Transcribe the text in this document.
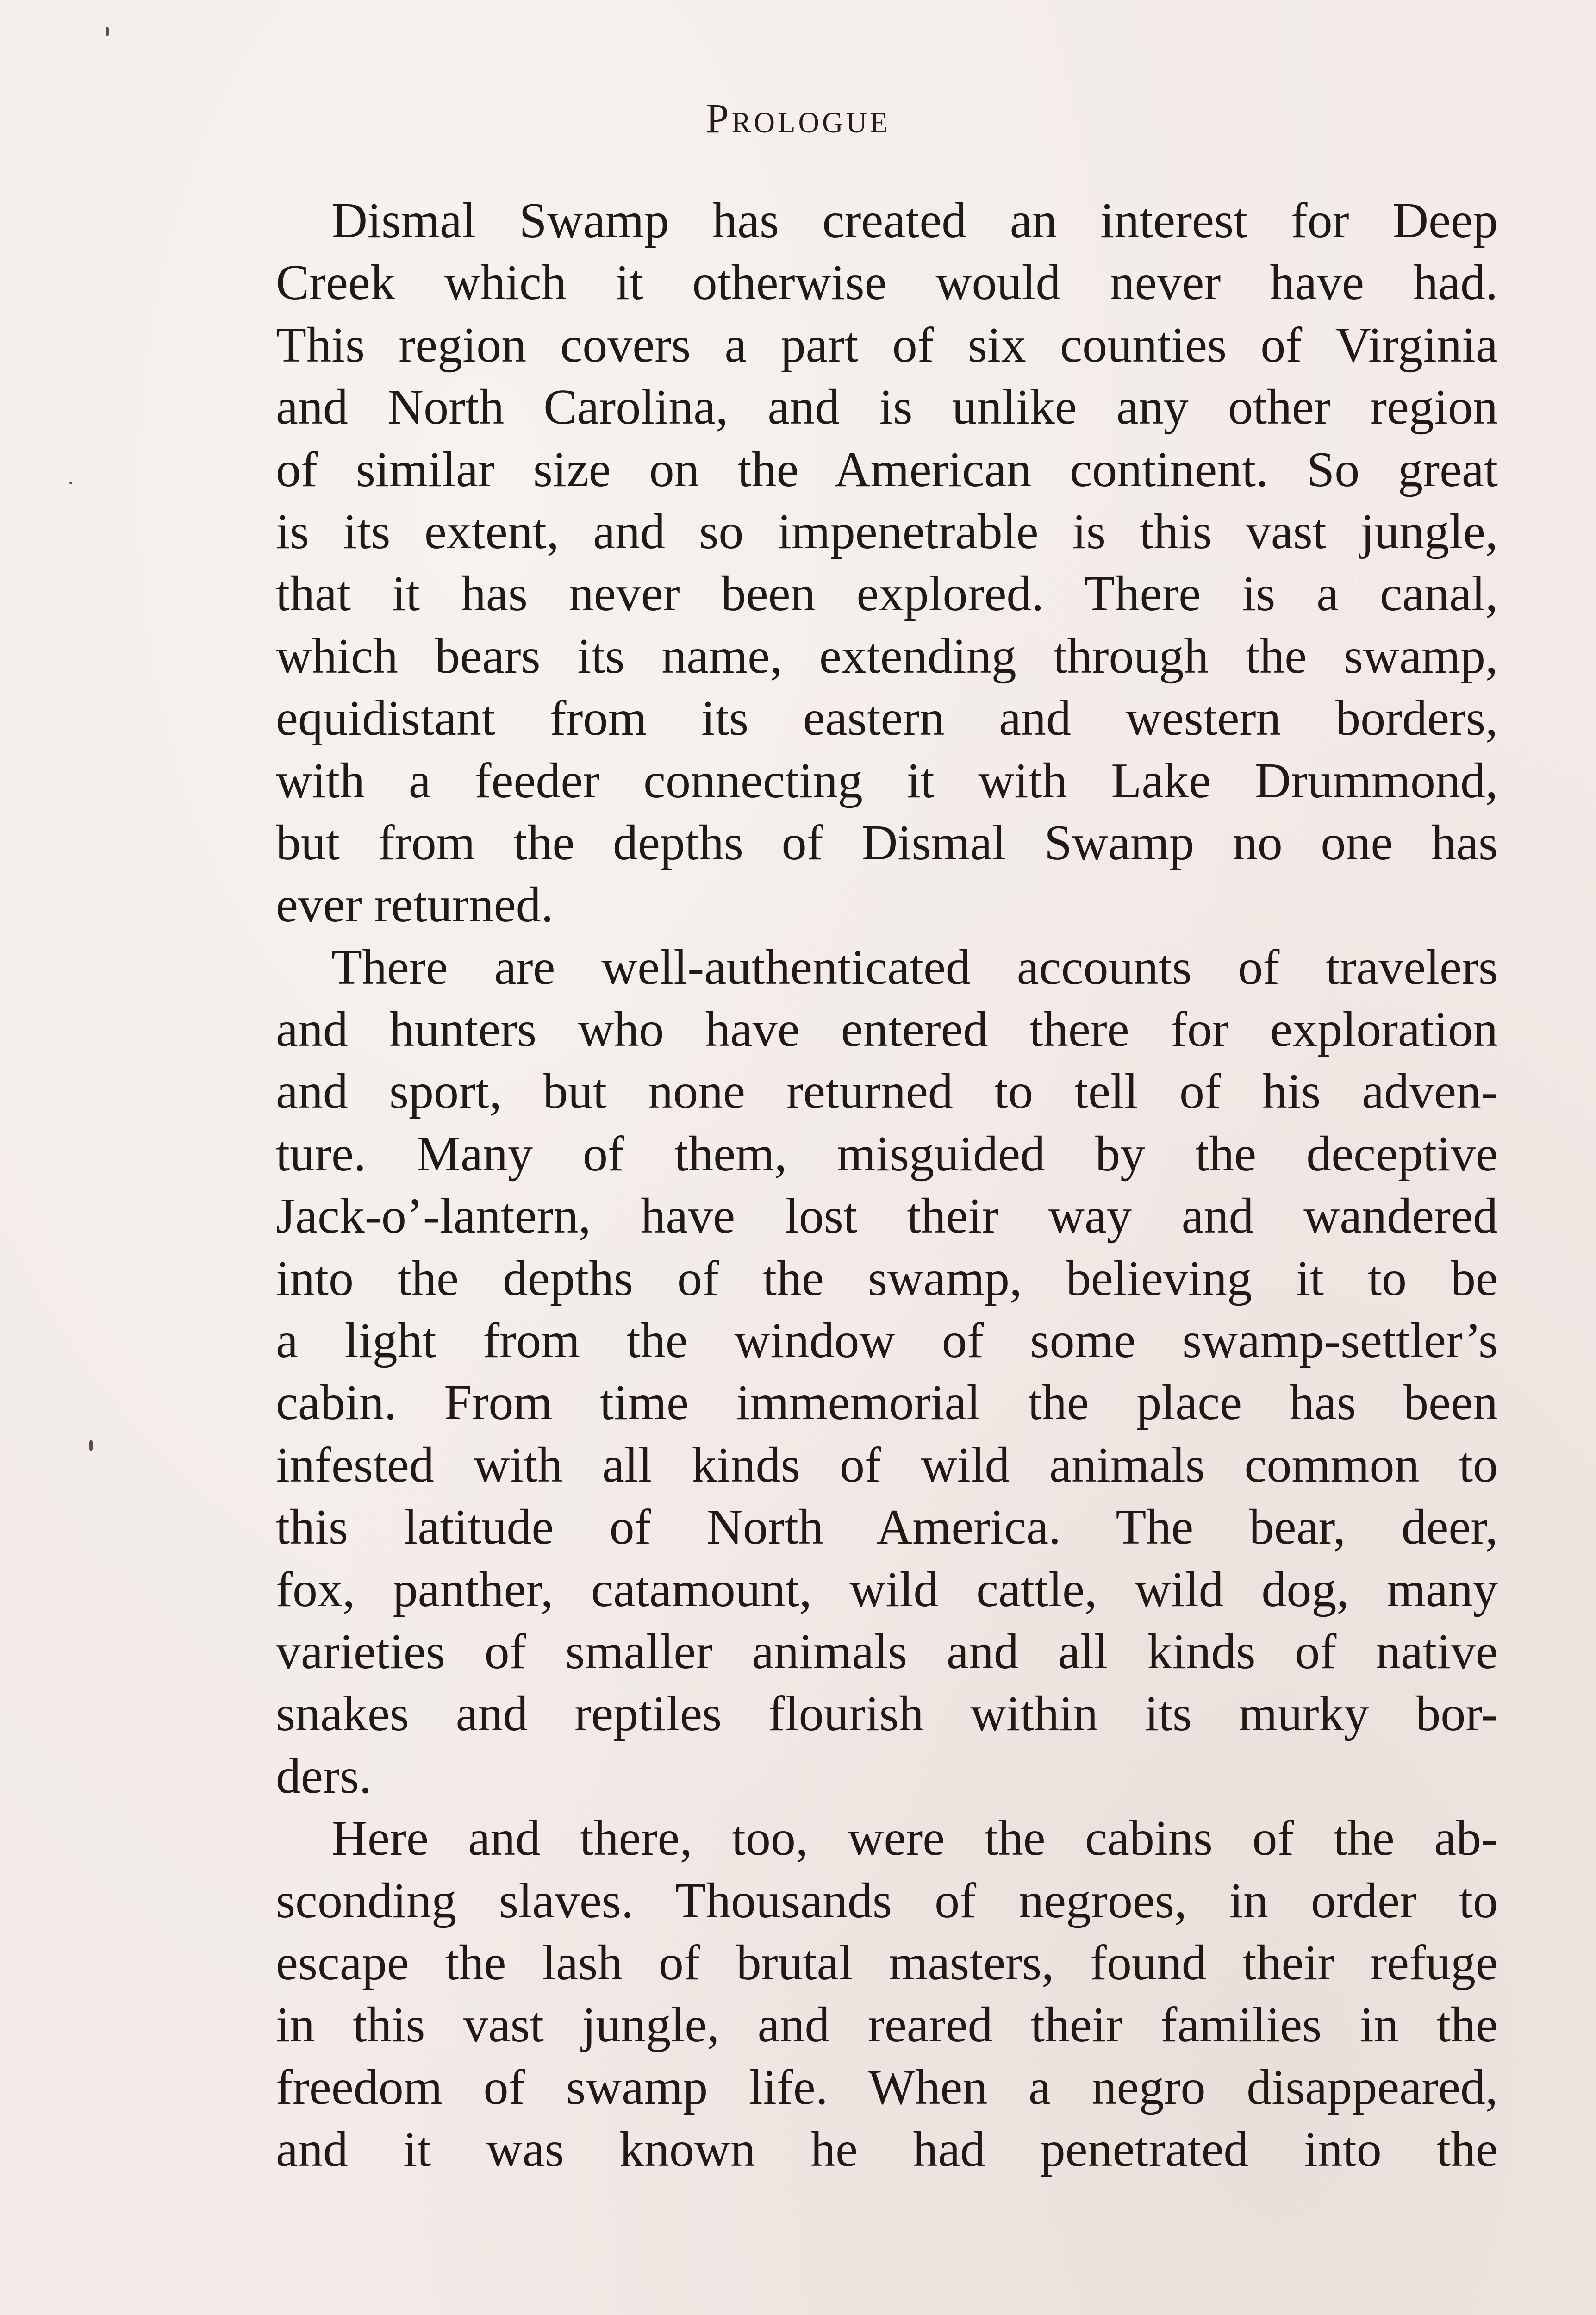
Prologue
Dismal Swamp has created an interest for Deep
Creek which it otherwise would never have had.
This region covers a part of six counties of Virginia
and North Carolina, and is unlike any other region
of similar size on the American continent. So great
is its extent, and so impenetrable is this vast jungle,
that it has never been explored. There is a canal,
which bears its name, extending through the swamp,
equidistant from its eastern and western borders,
with a feeder connecting it with Lake Drummond,
but from the depths of Dismal Swamp no one has
ever returned.
There are well-authenticated accounts of travelers
and hunters who have entered there for exploration
and sport, but none returned to tell of his adven-
ture. Many of them, misguided by the deceptive
Jack-o’-lantern, have lost their way and wandered
into the depths of the swamp, believing it to be
a light from the window of some swamp-settler’s
cabin. From time immemorial the place has been
infested with all kinds of wild animals common to
this latitude of North America. The bear, deer,
fox, panther, catamount, wild cattle, wild dog, many
varieties of smaller animals and all kinds of native
snakes and reptiles flourish within its murky bor-
ders.
Here and there, too, were the cabins of the ab-
sconding slaves. Thousands of negroes, in order to
escape the lash of brutal masters, found their refuge
in this vast jungle, and reared their families in the
freedom of swamp life. When a negro disappeared,
and it was known he had penetrated into the
